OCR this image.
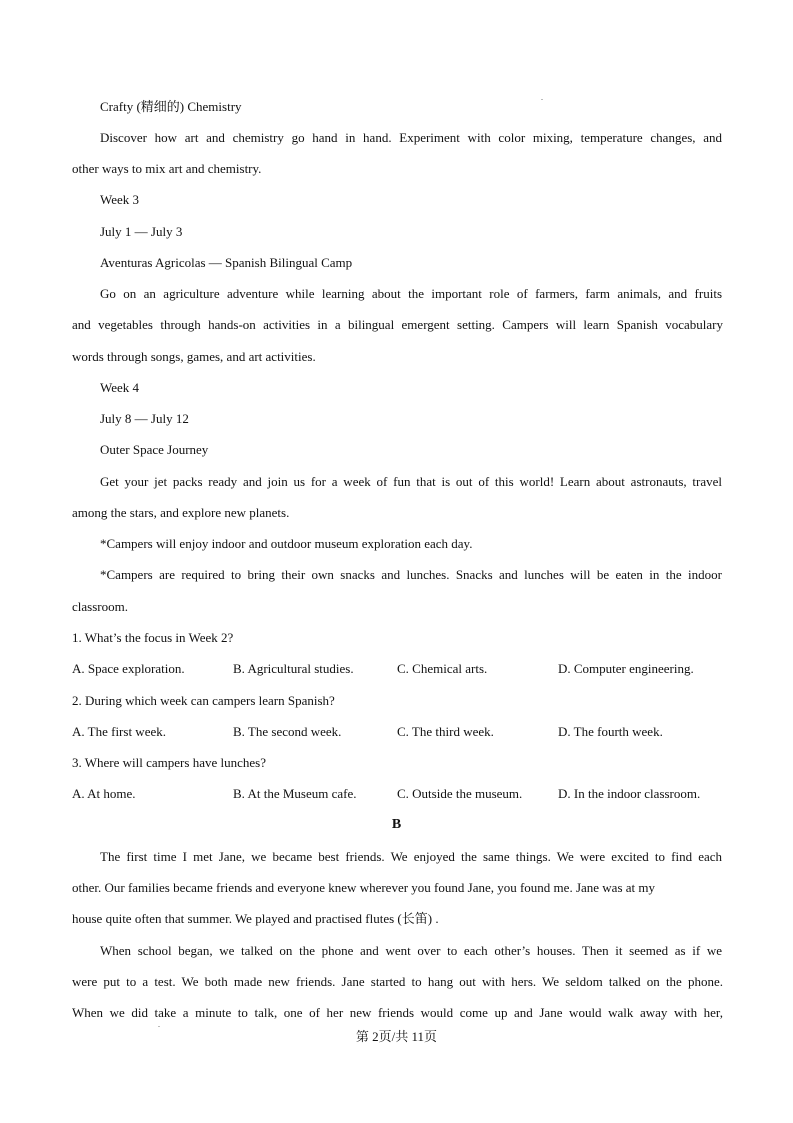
Crafty (精细的) Chemistry
Discover how art and chemistry go hand in hand. Experiment with color mixing, temperature changes, and
other ways to mix art and chemistry.
Week 3
July 1 — July 3
Aventuras Agricolas — Spanish Bilingual Camp
Go on an agriculture adventure while learning about the important role of farmers, farm animals, and fruits
and vegetables through hands-on activities in a bilingual emergent setting. Campers will learn Spanish vocabulary
words through songs, games, and art activities.
Week 4
July 8 — July 12
Outer Space Journey
Get your jet packs ready and join us for a week of fun that is out of this world! Learn about astronauts, travel
among the stars, and explore new planets.
*Campers will enjoy indoor and outdoor museum exploration each day.
*Campers are required to bring their own snacks and lunches. Snacks and lunches will be eaten in the indoor
classroom.
1. What’s the focus in Week 2?
A. Space exploration.	B. Agricultural studies.	C. Chemical arts.	D. Computer engineering.
2. During which week can campers learn Spanish?
A. The first week.	B. The second week.	C. The third week.	D. The fourth week.
3. Where will campers have lunches?
A. At home.	B. At the Museum cafe.	C. Outside the museum.	D. In the indoor classroom.
B
The first time I met Jane, we became best friends. We enjoyed the same things. We were excited to find each
other. Our families became friends and everyone knew wherever you found Jane, you found me. Jane was at my
house quite often that summer. We played and practised flutes (长笛) .
When school began, we talked on the phone and went over to each other’s houses. Then it seemed as if we
were put to a test. We both made new friends. Jane started to hang out with hers. We seldom talked on the phone.
When we did take a minute to talk, one of her new friends would come up and Jane would walk away with her,
第 2页/共 11页
